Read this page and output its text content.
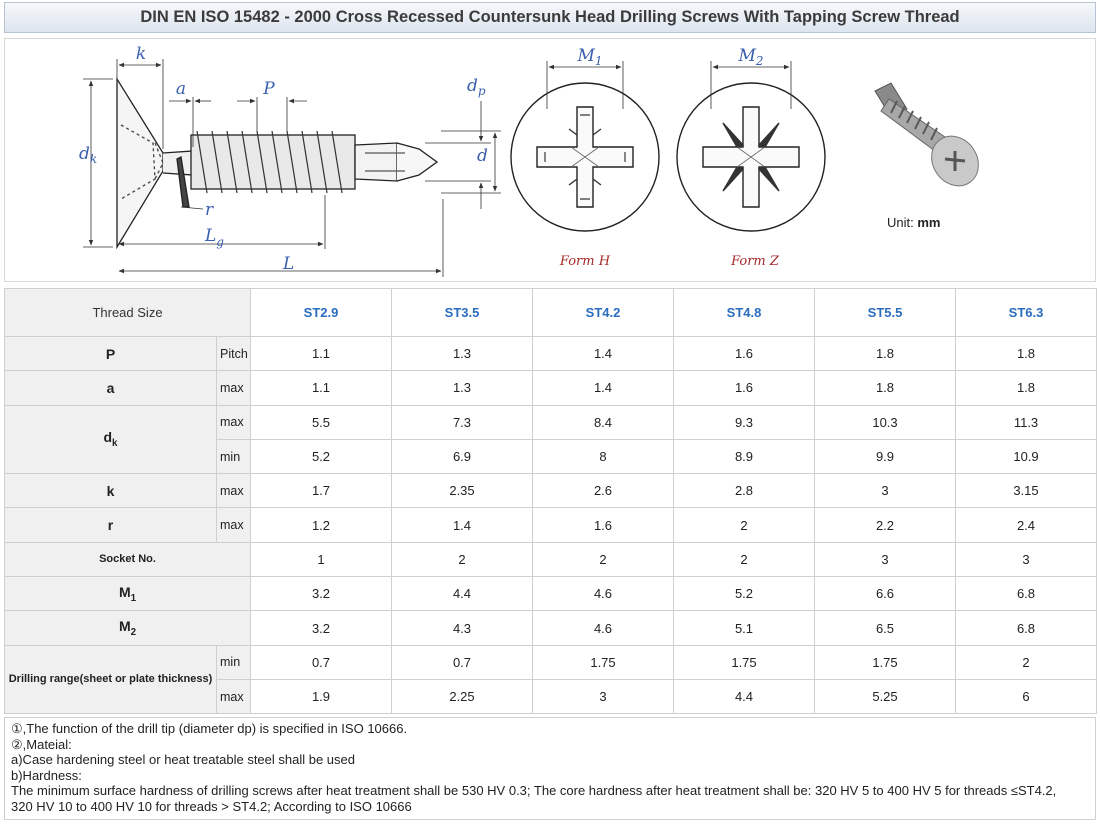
DIN EN ISO 15482 - 2000 Cross Recessed Countersunk Head Drilling Screws With Tapping Screw Thread
k
a	P	$d_p$
d
$d_k$
r
$L_g$
L
$M_1$
Form H
$M_2$
Form Z
Unit: mm
Thread Size		ST2.9	ST3.5	ST4.2	ST4.8	ST5.5	ST6.3
P	Pitch	1.1	1.3	1.4	1.6	1.8	1.8
a	max	1.1	1.3	1.4	1.6	1.8	1.8
$d_k$	max	5.5	7.3	8.4	9.3	10.3	11.3
	min	5.2	6.9	8	8.9	9.9	10.9
k	max	1.7	2.35	2.6	2.8	3	3.15
r	max	1.2	1.4	1.6	2	2.2	2.4
Socket No.		1	2	2	2	3	3
$M_1$		3.2	4.4	4.6	5.2	6.6	6.8
$M_2$		3.2	4.3	4.6	5.1	6.5	6.8
Drilling range(sheet or plate thickness)	min	0.7	0.7	1.75	1.75	1.75	2
	max	1.9	2.25	3	4.4	5.25	6
①,The function of the drill tip (diameter dp) is specified in ISO 10666.
②,Mateial:
a)Case hardening steel or heat treatable steel shall be used
b)Hardness:
The minimum surface hardness of drilling screws after heat treatment shall be 530 HV 0.3; The core hardness after heat treatment shall be: 320 HV 5 to 400 HV 5 for threads ≤ST4.2,
320 HV 10 to 400 HV 10 for threads > ST4.2; According to ISO 10666
